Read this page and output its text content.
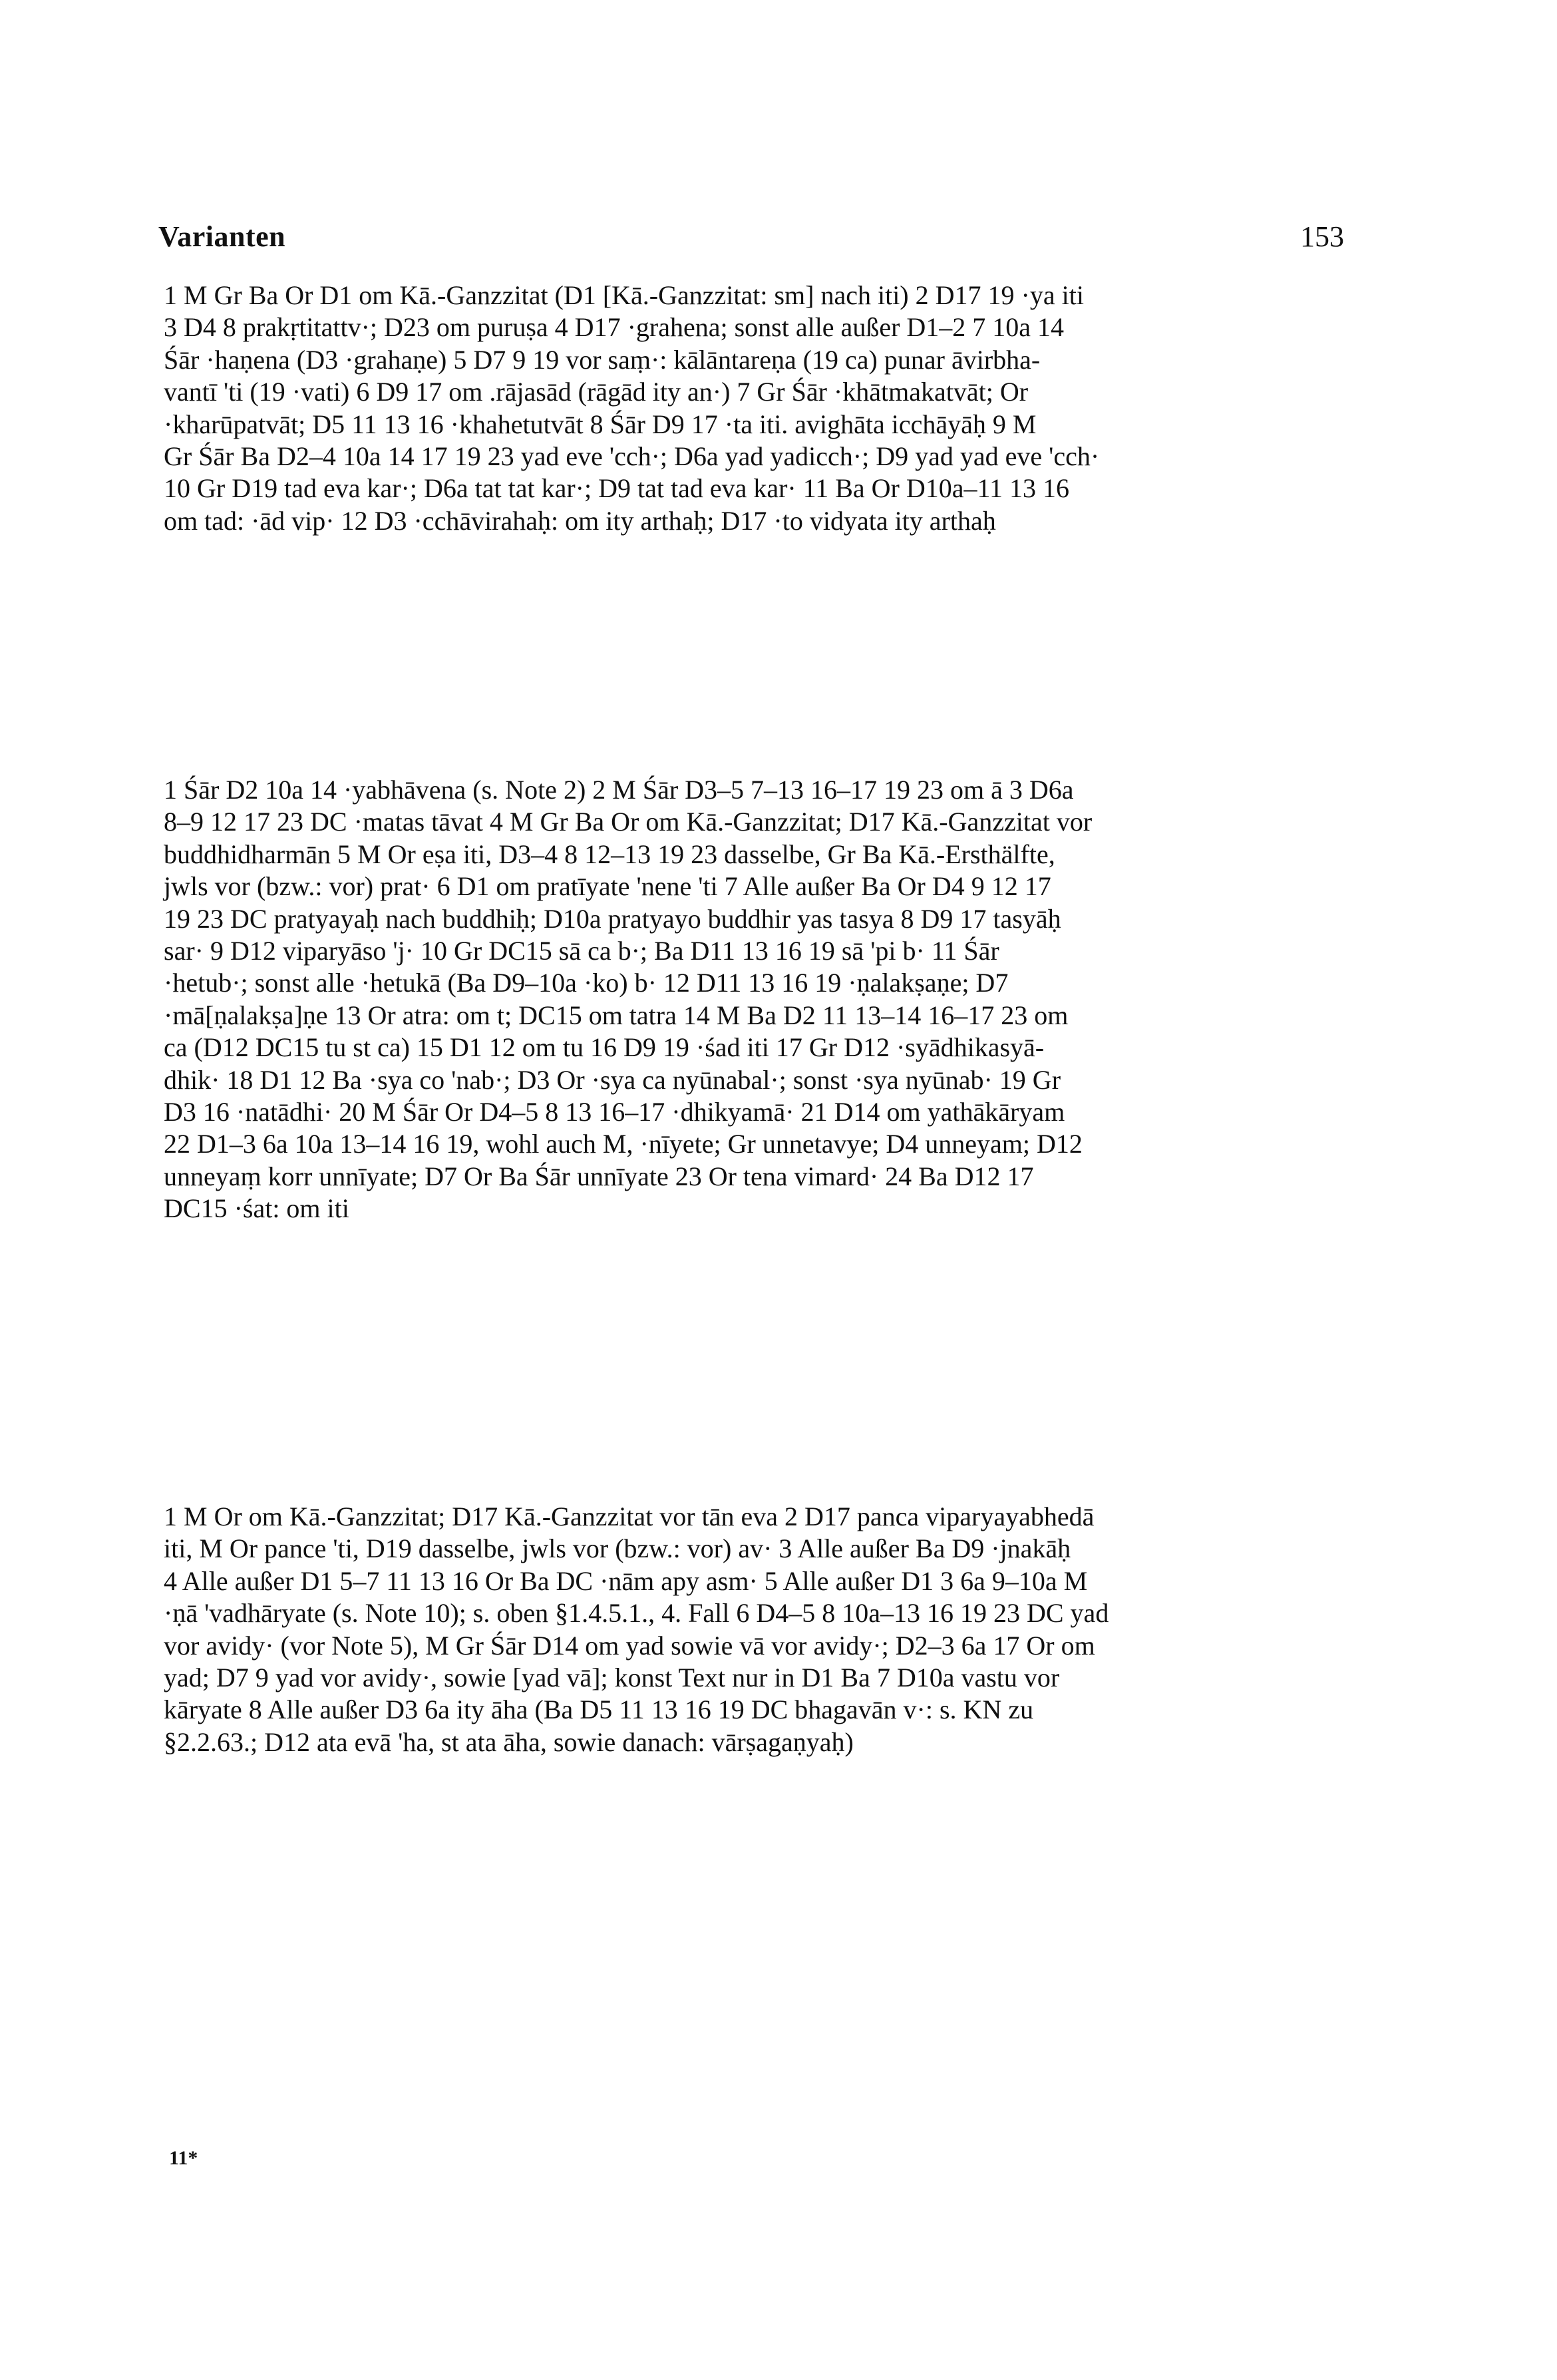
Varianten	153
1 M Gr Ba Or D1 om Kā.-Ganzzitat (D1 [Kā.-Ganzzitat: sm] nach iti) 2 D17 19 ·ya iti
3 D4 8 prakṛtitattv·; D23 om puruṣa 4 D17 ·grahena; sonst alle außer D1–2 7 10a 14
Śār ·haṇena (D3 ·grahaṇe) 5 D7 9 19 vor saṃ·: kālāntareṇa (19 ca) punar āvirbha-
vantī 'ti (19 ·vati) 6 D9 17 om .rājasād (rāgād ity an·) 7 Gr Śār ·khātmakatvāt; Or
·kharūpatvāt; D5 11 13 16 ·khahetutvāt 8 Śār D9 17 ·ta iti. avighāta icchāyāḥ 9 M
Gr Śār Ba D2–4 10a 14 17 19 23 yad eve 'cch·; D6a yad yadicch·; D9 yad yad eve 'cch·
10 Gr D19 tad eva kar·; D6a tat tat kar·; D9 tat tad eva kar· 11 Ba Or D10a–11 13 16
om tad: ·ād vip· 12 D3 ·cchāvirahaḥ: om ity arthaḥ; D17 ·to vidyata ity arthaḥ
1 Śār D2 10a 14 ·yabhāvena (s. Note 2) 2 M Śār D3–5 7–13 16–17 19 23 om ā 3 D6a
8–9 12 17 23 DC ·matas tāvat 4 M Gr Ba Or om Kā.-Ganzzitat; D17 Kā.-Ganzzitat vor
buddhidharmān 5 M Or eṣa iti, D3–4 8 12–13 19 23 dasselbe, Gr Ba Kā.-Ersthälfte,
jwls vor (bzw.: vor) prat· 6 D1 om pratīyate 'nene 'ti 7 Alle außer Ba Or D4 9 12 17
19 23 DC pratyayaḥ nach buddhiḥ; D10a pratyayo buddhir yas tasya 8 D9 17 tasyāḥ
sar· 9 D12 viparyāso 'j· 10 Gr DC15 sā ca b·; Ba D11 13 16 19 sā 'pi b· 11 Śār
·hetub·; sonst alle ·hetukā (Ba D9–10a ·ko) b· 12 D11 13 16 19 ·ṇalakṣaṇe; D7
·mā[ṇalakṣa]ṇe 13 Or atra: om t; DC15 om tatra 14 M Ba D2 11 13–14 16–17 23 om
ca (D12 DC15 tu st ca) 15 D1 12 om tu 16 D9 19 ·śad iti 17 Gr D12 ·syādhikasyā-
dhik· 18 D1 12 Ba ·sya co 'nab·; D3 Or ·sya ca nyūnabal·; sonst ·sya nyūnab· 19 Gr
D3 16 ·natādhi· 20 M Śār Or D4–5 8 13 16–17 ·dhikyamā· 21 D14 om yathākāryam
22 D1–3 6a 10a 13–14 16 19, wohl auch M, ·nīyete; Gr unnetavye; D4 unneyam; D12
unneyaṃ korr unnīyate; D7 Or Ba Śār unnīyate 23 Or tena vimard· 24 Ba D12 17
DC15 ·śat: om iti
1 M Or om Kā.-Ganzzitat; D17 Kā.-Ganzzitat vor tān eva 2 D17 panca viparyayabhedā
iti, M Or pance 'ti, D19 dasselbe, jwls vor (bzw.: vor) av· 3 Alle außer Ba D9 ·jnakāḥ
4 Alle außer D1 5–7 11 13 16 Or Ba DC ·nām apy asm· 5 Alle außer D1 3 6a 9–10a M
·ṇā 'vadhāryate (s. Note 10); s. oben §1.4.5.1., 4. Fall 6 D4–5 8 10a–13 16 19 23 DC yad
vor avidy· (vor Note 5), M Gr Śār D14 om yad sowie vā vor avidy·; D2–3 6a 17 Or om
yad; D7 9 yad vor avidy·, sowie [yad vā]; konst Text nur in D1 Ba 7 D10a vastu vor
kāryate 8 Alle außer D3 6a ity āha (Ba D5 11 13 16 19 DC bhagavān v·: s. KN zu
§2.2.63.; D12 ata evā 'ha, st ata āha, sowie danach: vārṣagaṇyaḥ)
11*
